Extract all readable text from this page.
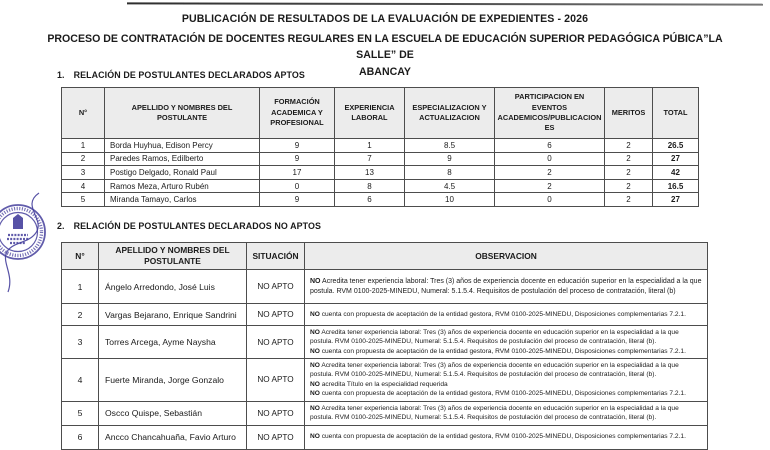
PUBLICACIÓN DE RESULTADOS DE LA EVALUACIÓN DE EXPEDIENTES - 2026
PROCESO DE CONTRATACIÓN DE DOCENTES REGULARES EN LA ESCUELA DE EDUCACIÓN SUPERIOR PEDAGÓGICA PÚBICA”LA SALLE” DE
ABANCAY
1. RELACIÓN DE POSTULANTES DECLARADOS APTOS
N°	APELLIDO Y NOMBRES DEL POSTULANTE	FORMACIÓN ACADEMICA Y PROFESIONAL	EXPERIENCIA LABORAL	ESPECIALIZACION Y ACTUALIZACION	PARTICIPACION EN EVENTOS ACADEMICOS/PUBLICACIONES	MERITOS	TOTAL
1	Borda Huyhua, Edison Percy	9	1	8.5	6	2	26.5
2	Paredes Ramos, Edilberto	9	7	9	0	2	27
3	Postigo Delgado, Ronald Paul	17	13	8	2	2	42
4	Ramos Meza, Arturo Rubén	0	8	4.5	2	2	16.5
5	Miranda Tamayo, Carlos	9	6	10	0	2	27
2. RELACIÓN DE POSTULANTES DECLARADOS NO APTOS
N°	APELLIDO Y NOMBRES DEL POSTULANTE	SITUACIÓN	OBSERVACION
1	Ángelo Arredondo, José Luis	NO APTO	NO Acredita tener experiencia laboral: Tres (3) años de experiencia docente en educación superior en la especialidad a la que postula. RVM 0100-2025-MINEDU, Numeral: 5.1.5.4. Requisitos de postulación del proceso de contratación, literal (b)

2	Vargas Bejarano, Enrique Sandrini	NO APTO	NO cuenta con propuesta de aceptación de la entidad gestora, RVM 0100-2025-MINEDU, Disposiciones complementarias 7.2.1.

3	Torres Arcega, Ayme Naysha	NO APTO	NO Acredita tener experiencia laboral: Tres (3) años de experiencia docente en educación superior en la especialidad a la que postula. RVM 0100-2025-MINEDU, Numeral: 5.1.5.4. Requisitos de postulación del proceso de contratación, literal (b).
NO cuenta con propuesta de aceptación de la entidad gestora, RVM 0100-2025-MINEDU, Disposiciones complementarias 7.2.1.

4	Fuerte Miranda, Jorge Gonzalo	NO APTO	NO Acredita tener experiencia laboral: Tres (3) años de experiencia docente en educación superior en la especialidad a la que postula. RVM 0100-2025-MINEDU, Numeral: 5.1.5.4. Requisitos de postulación del proceso de contratación, literal (b).
NO acredita Título en la especialidad requerida
NO cuenta con propuesta de aceptación de la entidad gestora, RVM 0100-2025-MINEDU, Disposiciones complementarias 7.2.1.

5	Oscco Quispe, Sebastián	NO APTO	NO Acredita tener experiencia laboral: Tres (3) años de experiencia docente en educación superior en la especialidad a la que postula. RVM 0100-2025-MINEDU, Numeral: 5.1.5.4. Requisitos de postulación del proceso de contratación, literal (b).

6	Ancco Chancahuaña, Favio Arturo	NO APTO	NO cuenta con propuesta de aceptación de la entidad gestora, RVM 0100-2025-MINEDU, Disposiciones complementarias 7.2.1.
